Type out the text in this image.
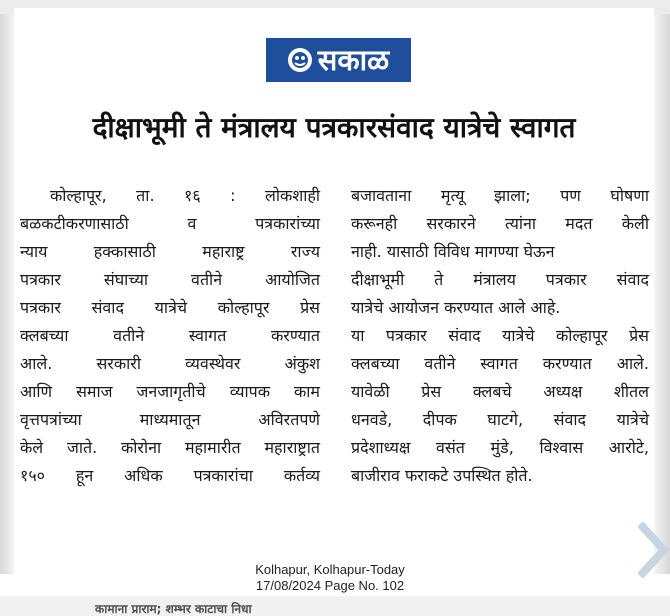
सकाळ
दीक्षाभूमी ते मंत्रालय पत्रकारसंवाद यात्रेचे स्वागत
कोल्हापूर, ता. १६ : लोकशाही
बळकटीकरणासाठी व पत्रकारांच्या
न्याय हक्कासाठी महाराष्ट्र राज्य
पत्रकार संघाच्या वतीने आयोजित
पत्रकार संवाद यात्रेचे कोल्हापूर प्रेस
क्लबच्या वतीने स्वागत करण्यात
आले. सरकारी व्यवस्थेवर अंकुश
आणि समाज जनजागृतीचे व्यापक काम
वृत्तपत्रांच्या माध्यमातून अविरतपणे
केले जाते. कोरोना महामारीत महाराष्ट्रात
१५० हून अधिक पत्रकारांचा कर्तव्य
बजावताना मृत्यू झाला; पण घोषणा
करूनही सरकारने त्यांना मदत केली
नाही. यासाठी विविध मागण्या घेऊन
दीक्षाभूमी ते मंत्रालय पत्रकार संवाद
यात्रेचे आयोजन करण्यात आले आहे.
या पत्रकार संवाद यात्रेचे कोल्हापूर प्रेस
क्लबच्या वतीने स्वागत करण्यात आले.
यावेळी प्रेस क्लबचे अध्यक्ष शीतल
धनवडे, दीपक घाटगे, संवाद यात्रेचे
प्रदेशाध्यक्ष वसंत मुंडे, विश्वास आरोटे,
बाजीराव फराकटे उपस्थित होते.
Kolhapur, Kolhapur-Today
17/08/2024 Page No. 102
कामाना प्राराम; शम्भर काटाचा निधा
